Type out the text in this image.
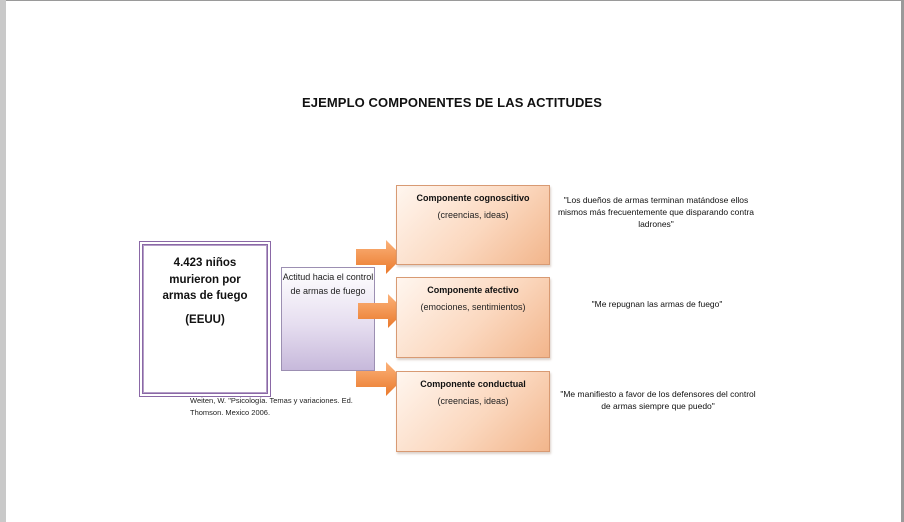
EJEMPLO COMPONENTES DE LAS ACTITUDES
4.423 niños murieron por armas de fuego
(EEUU)
Weiten, W. "Psicología. Temas y variaciones. Ed. Thomson. Mexico 2006.
Actitud hacia el control de armas de fuego
Componente cognoscitivo
(creencias, ideas)
Componente afectivo
(emociones, sentimientos)
Componente conductual
(creencias, ideas)
"Los dueños de armas terminan matándose ellos mismos más frecuentemente que disparando contra ladrones"
"Me repugnan las armas de fuego"
"Me manifiesto a favor de los defensores del control de armas siempre que puedo"
